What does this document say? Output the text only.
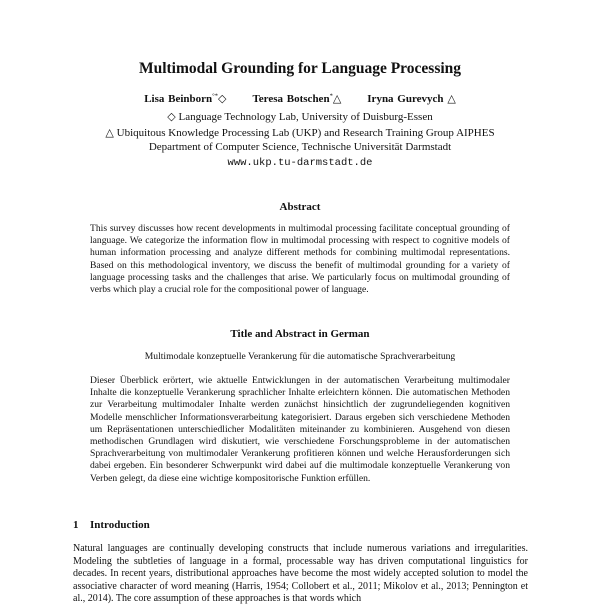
Multimodal Grounding for Language Processing
Lisa Beinborn°*◇ Teresa Botschen*△ Iryna Gurevych △
◇ Language Technology Lab, University of Duisburg-Essen
△ Ubiquitous Knowledge Processing Lab (UKP) and Research Training Group AIPHES
Department of Computer Science, Technische Universität Darmstadt
www.ukp.tu-darmstadt.de
Abstract
This survey discusses how recent developments in multimodal processing facilitate conceptual grounding of language. We categorize the information flow in multimodal processing with respect to cognitive models of human information processing and analyze different methods for combining multimodal representations. Based on this methodological inventory, we discuss the benefit of multimodal grounding for a variety of language processing tasks and the challenges that arise. We particularly focus on multimodal grounding of verbs which play a crucial role for the compositional power of language.
Title and Abstract in German
Multimodale konzeptuelle Verankerung für die automatische Sprachverarbeitung
Dieser Überblick erörtert, wie aktuelle Entwicklungen in der automatischen Verarbeitung multimodaler Inhalte die konzeptuelle Verankerung sprachlicher Inhalte erleichtern können. Die automatischen Methoden zur Verarbeitung multimodaler Inhalte werden zunächst hinsichtlich der zugrundeliegenden kognitiven Modelle menschlicher Informationsverarbeitung kategorisiert. Daraus ergeben sich verschiedene Methoden um Repräsentationen unterschiedlicher Modalitäten miteinander zu kombinieren. Ausgehend von diesen methodischen Grundlagen wird diskutiert, wie verschiedene Forschungsprobleme in der automatischen Sprachverarbeitung von multimodaler Verankerung profitieren können und welche Herausforderungen sich dabei ergeben. Ein besonderer Schwerpunkt wird dabei auf die multimodale konzeptuelle Verankerung von Verben gelegt, da diese eine wichtige kompositorische Funktion erfüllen.
1 Introduction
Natural languages are continually developing constructs that include numerous variations and irregularities. Modeling the subtleties of language in a formal, processable way has driven computational linguistics for decades. In recent years, distributional approaches have become the most widely accepted solution to model the associative character of word meaning (Harris, 1954; Collobert et al., 2011; Mikolov et al., 2013; Pennington et al., 2014). The core assumption of these approaches is that words which
